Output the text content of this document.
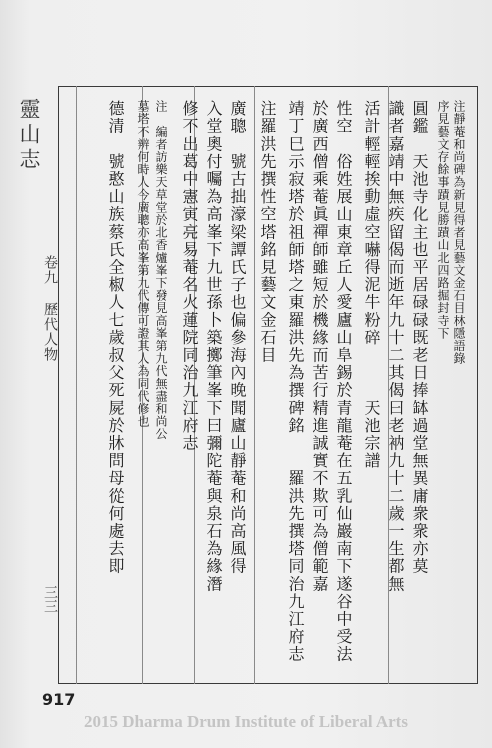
靈山志
卷九 歷代人物
三三
注靜菴和尚碑為新見得者見藝文金石目林隱語錄
序見藝文存餘事蹟見勝蹟山北四路掘封寺下
圓鑑　天池寺化主也平居碌碌既老日捧缽過堂無異庸衆衆亦莫
識者嘉靖中無疾留偈而逝年九十二其偈曰老衲九十二歲一生都無
活計輕輕挨動虛空嚇得泥牛粉碎　　　天池宗譜
性空　俗姓展山東章丘人愛廬山阜錫於青龍菴在五乳仙巖南下遂谷中受法
於廣西僧乘菴眞禪師雖短於機緣而苦行精進誠實不欺可為僧範嘉
靖丁巳示寂塔於祖師塔之東羅洪先為撰碑銘　　羅洪先撰塔同治九江府志
注羅洪先撰性空塔銘見藝文金石目
廣聰　號古拙濠梁譚氏子也偏參海內晚聞廬山靜菴和尚高風得
入堂奧付囑為高峯下九世孫卜築擲筆峯下曰彌陀菴與泉石為緣潛
修不出葛中憲寅亮易菴名火蓮院同治九江府志
注　編者訪樂天草堂於北香爐峯下發見高峯第九代無盡和尚公
墓塔不辨何時人今廣聰亦高峯第九代傳可證其人為同代修也
德清　號憨山族蔡氏全椒人七歲叔父死屍於牀問母從何處去即
917
2015 Dharma Drum Institute of Liberal Arts
